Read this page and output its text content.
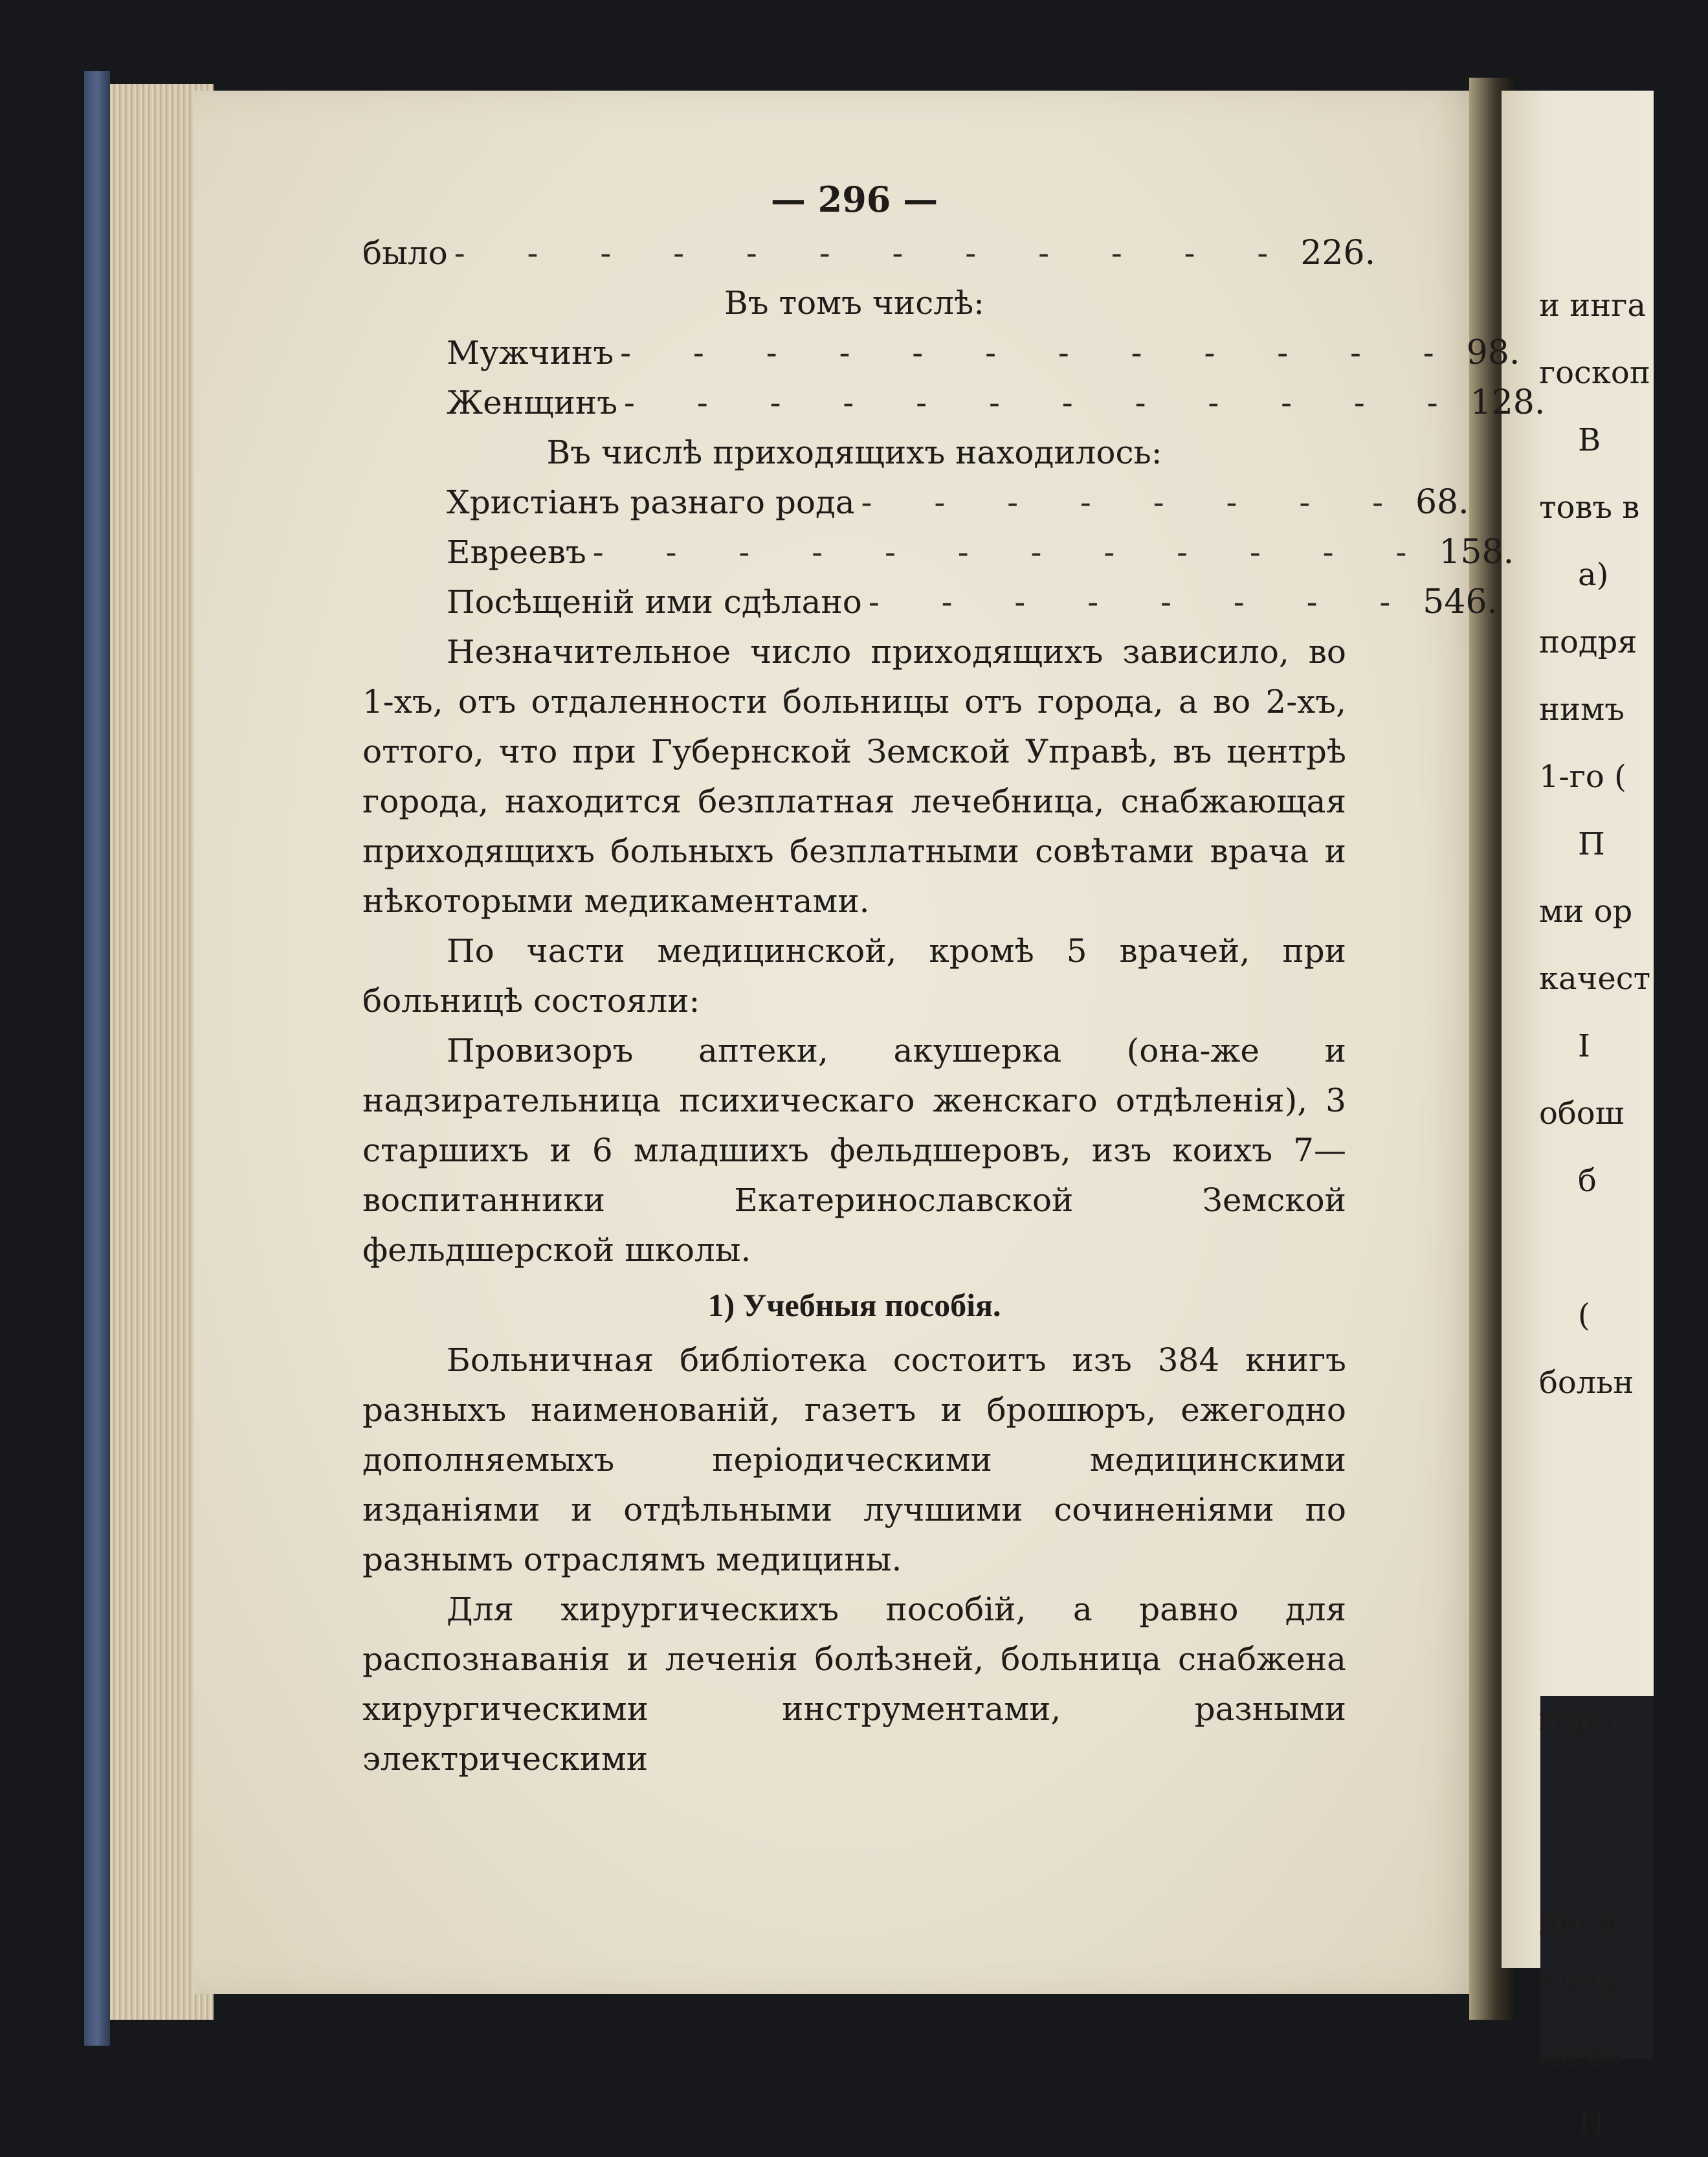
— 296 —
было - - - - - - - - - - - - 226.
Въ томъ числѣ:
Мужчинъ - - - - - - - - - - - - 98.
Женщинъ - - - - - - - - - - - - 128.
Въ числѣ приходящихъ находилось:
Христіанъ разнаго рода - - - - - - - - 68.
Евреевъ - - - - - - - - - - - - 158.
Посѣщеній ими сдѣлано - - - - - - - - 546.
Незначительное число приходящихъ зависило, во 1-хъ, отъ отдаленности больницы отъ города, а во 2-хъ, оттого, что при Губернской Земской Управѣ, въ центрѣ города, находится безплатная лечебница, снабжающая приходящихъ больныхъ безплатными совѣтами врача и нѣкоторыми медикаментами.
По части медицинской, кромѣ 5 врачей, при больницѣ состояли:
Провизоръ аптеки, акушерка (она-же и надзирательница психическаго женскаго отдѣленія), 3 старшихъ и 6 младшихъ фельдшеровъ, изъ коихъ 7—воспитанники Екатеринославской Земской фельдшерской школы.
1) Учебныя пособія.
Больничная библіотека состоитъ изъ 384 книгъ разныхъ наименованій, газетъ и брошюръ, ежегодно дополняемыхъ періодическими медицинскими изданіями и отдѣльными лучшими сочиненіями по разнымъ отраслямъ медицины.
Для хирургическихъ пособій, а равно для распознаванія и леченія болѣзней, больница снабжена хирургическими инструментами, разными электрическими
и инга
госкоп
В
товъ в
а)
подря
нимъ
1-го (
П
ми ор
качест
I
обош
б
(
больн
горо
дней
1875
нами
П
